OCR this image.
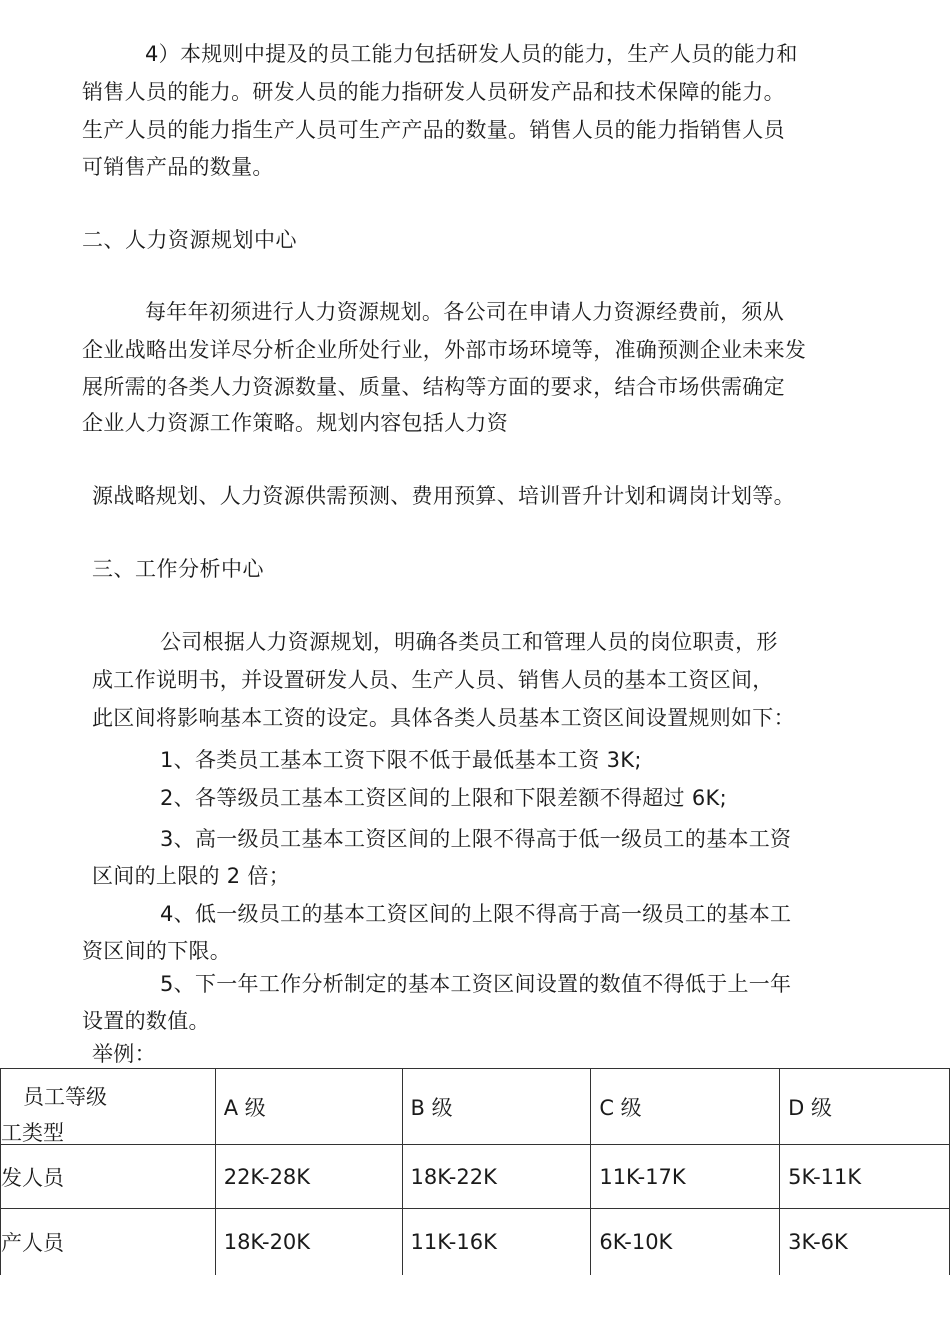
4）本规则中提及的员工能力包括研发人员的能力，生产人员的能力和
销售人员的能力。研发人员的能力指研发人员研发产品和技术保障的能力。
生产人员的能力指生产人员可生产产品的数量。销售人员的能力指销售人员
可销售产品的数量。
二、人力资源规划中心
每年年初须进行人力资源规划。各公司在申请人力资源经费前，须从
企业战略出发详尽分析企业所处行业，外部市场环境等，准确预测企业未来发
展所需的各类人力资源数量、质量、结构等方面的要求，结合市场供需确定
企业人力资源工作策略。规划内容包括人力资
源战略规划、人力资源供需预测、费用预算、培训晋升计划和调岗计划等。
三、工作分析中心
公司根据人力资源规划，明确各类员工和管理人员的岗位职责，形
成工作说明书，并设置研发人员、生产人员、销售人员的基本工资区间，
此区间将影响基本工资的设定。具体各类人员基本工资区间设置规则如下：
1、各类员工基本工资下限不低于最低基本工资 3K;
2、各等级员工基本工资区间的上限和下限差额不得超过 6K;
3、高一级员工基本工资区间的上限不得高于低一级员工的基本工资
区间的上限的 2 倍；
4、低一级员工的基本工资区间的上限不得高于高一级员工的基本工
资区间的下限。
5、下一年工作分析制定的基本工资区间设置的数值不得低于上一年
设置的数值。
举例：
员工等级
工类型	A 级	B 级	C 级	D 级
发人员	22K-28K	18K-22K	11K-17K	5K-11K
产人员	18K-20K	11K-16K	6K-10K	3K-6K
